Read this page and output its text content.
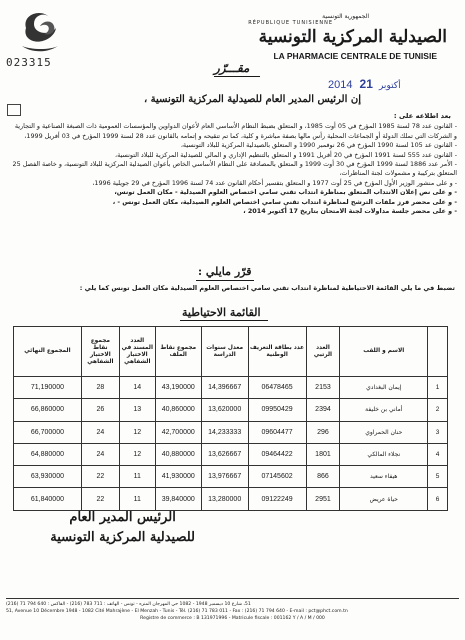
الجمهورية التونسية
RÉPUBLIQUE TUNISIENNE
الصيدلية المركزية التونسية
LA PHARMACIE CENTRALE DE TUNISIE
023315	مقـــرّر
2014	أكتوبر 21
إن الرئيس المدير العام للصيدلية المركزية التونسية ،

بعد اطلاعه على :

- القانون عدد 78 لسنة 1985 المؤرخ في 05 أوت 1985، و المتعلق بضبط النظام الأساسي العام لأعوان الدواوين والمؤسسات العمومية ذات الصبغة الصناعية و التجارية و الشركات التي تملك الدولة أو الجماعات المحلية رأس مالها بصفة مباشرة و كلية، كما تم تنقيحه و إتمامه بالقانون عدد 28 لسنة 1999 المؤرخ في 03 أفريل 1999،

- القانون عد 105 لسنة 1990 المؤرخ في 26 نوفمبر 1990 و المتعلق بالصيدلية المركزية للبلاد التونسية،

- القانون عدد 555 لسنة 1991 المؤرخ في 20 أفريل 1991 و المتعلق بالتنظيم الإداري و المالي للصيدلية المركزية للبلاد التونسية،

- الأمر عدد 1886 لسنة 1999 المؤرخ في 30 أوت 1999 و المتعلق بالمصادقة على النظام الأساسي الخاص بأعوان الصيدلية المركزية للبلاد التونسية، و خاصة الفصل 25 المتعلق بتركيبة و مشمولات لجنة المناظرات،

- و على منشور الوزير الأول المؤرخ في 25 أوت 1977 و المتعلق بتفسير أحكام القانون عدد 74 لسنة 1996 المؤرخ في 29 جويلية 1996،

- و على نص إعلان الانتداب المتعلق بمناظرة انتداب تقني سامي اختصاص العلوم الصيدلية - مكان العمل تونس،

- و على محضر فرز ملفات الترشح لمناظرة انتداب تقني سامي اختصاص العلوم الصيدلية، مكان العمل تونس - ،

- و على محضر جلسة مداولات لجنة الامتحان بتاريخ 17 أكتوبر 2014 ،

قرّر مايلي :
تضبط في ما يلي القائمة الاحتياطية لمناظرة انتداب تقني سامي اختصاص العلوم الصيدلية مكان العمل تونس كما يلي :
القائمة الاحتياطية
	الاسم و اللقب	العدد الرتبي	عدد بطاقة التعريف الوطنية	معدل سنوات الدراسة	مجموع نقاط الملف	العدد المسند في الاختبار الشفاهي	مجموع نقاط الاختبار الشفاهي	المجموع النهائي
1	إيمان البغدادي	2153	06478465	14,396667	43,190000	14	28	71,190000
2	أماني بن خليفة	2394	09950429	13,620000	40,860000	13	26	66,860000
3	حنان الحمراوي	296	09604477	14,233333	42,700000	12	24	66,700000
4	نجلاء المالكي	1801	09464422	13,626667	40,880000	12	24	64,880000
5	هيفاء سعيد	866	07145602	13,976667	41,930000	11	22	63,930000
6	حياة عريض	2951	09122249	13,280000	39,840000	11	22	61,840000
الرئيس المدير العام
للصيدلية المركزية التونسية
51، شارع 10 ديسمبر 1948 - 1082 حي المهرجان المنزه - تونس - الهاتف : 711 783 (216) - الفاكس : 640 794 71 (216)
51, Avenue 10 Décembre 1948 - 1082 Cité Mahrajène - El Menzah - Tunis - Tél. (216) 71 783 011 - Fax : (216) 71 794 640 - E-mail : pct@phct.com.tn
Registre de commerce : B 131971996 - Matricule fiscale : 001162 Y / A / M / 000
